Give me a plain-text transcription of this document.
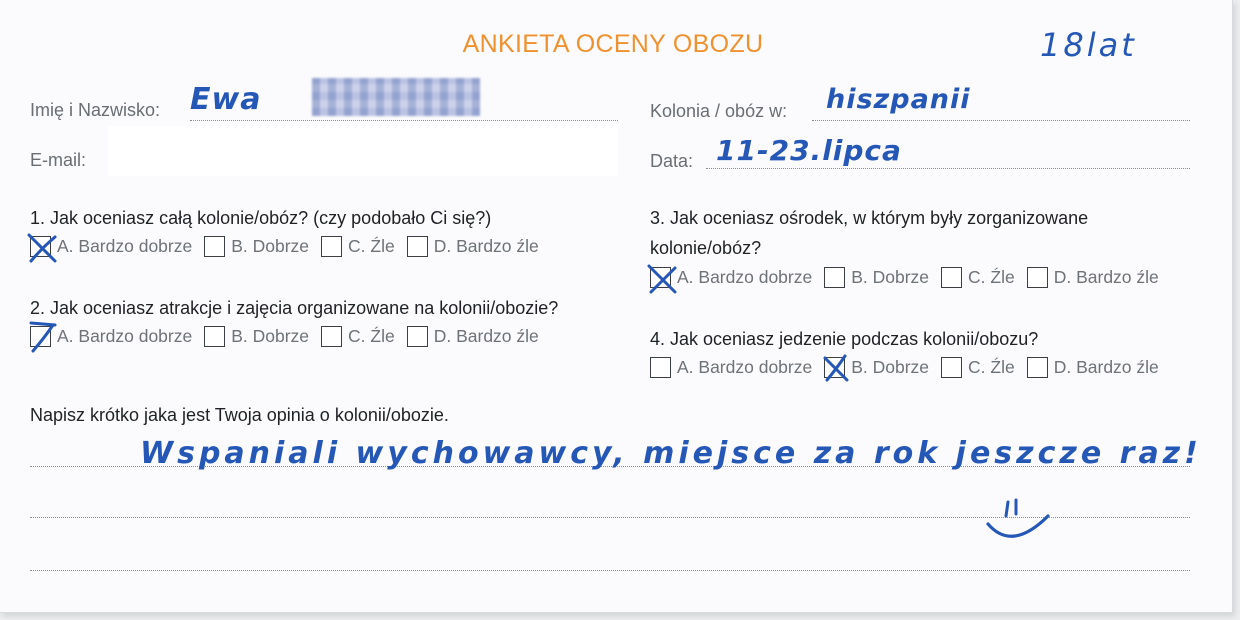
ANKIETA OCENY OBOZU	18lat
Imię i Nazwisko: Ewa
E-mail:
Kolonia / obóz w: hiszpanii
Data: 11-23.lipca
1. Jak oceniasz całą kolonie/obóz? (czy podobało Ci się?)
A. Bardzo dobrze B. Dobrze C. Źle D. Bardzo źle
2. Jak oceniasz atrakcje i zajęcia organizowane na kolonii/obozie?
A. Bardzo dobrze B. Dobrze C. Źle D. Bardzo źle
3. Jak oceniasz ośrodek, w którym były zorganizowane
kolonie/obóz?
A. Bardzo dobrze B. Dobrze C. Źle D. Bardzo źle
4. Jak oceniasz jedzenie podczas kolonii/obozu?
A. Bardzo dobrze B. Dobrze C. Źle D. Bardzo źle
Napisz krótko jaka jest Twoja opinia o kolonii/obozie.
Wspaniali wychowawcy, miejsce za rok jeszcze raz!
